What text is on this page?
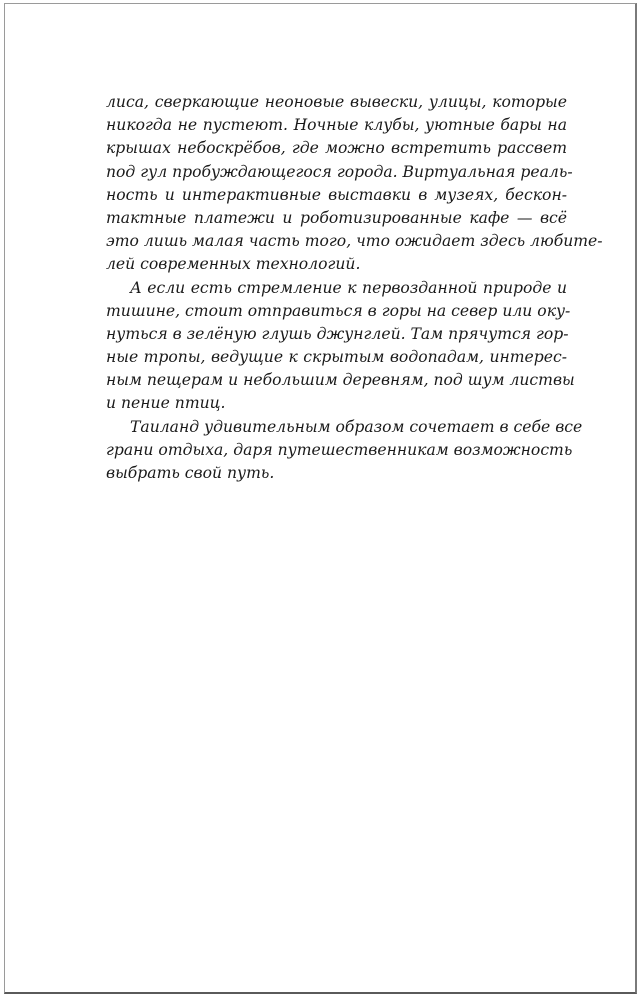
лиса, сверкающие неоновые вывески, улицы, которые
никогда не пустеют. Ночные клубы, уютные бары на
крышах небоскрёбов, где можно встретить рассвет
под гул пробуждающегося города. Виртуальная реаль-
ность и интерактивные выставки в музеях, бескон-
тактные платежи и роботизированные кафе — всё
это лишь малая часть того, что ожидает здесь любите-
лей современных технологий.
А если есть стремление к первозданной природе и
тишине, стоит отправиться в горы на север или оку-
нуться в зелёную глушь джунглей. Там прячутся гор-
ные тропы, ведущие к скрытым водопадам, интерес-
ным пещерам и небольшим деревням, под шум листвы
и пение птиц.
Таиланд удивительным образом сочетает в себе все
грани отдыха, даря путешественникам возможность
выбрать свой путь.
